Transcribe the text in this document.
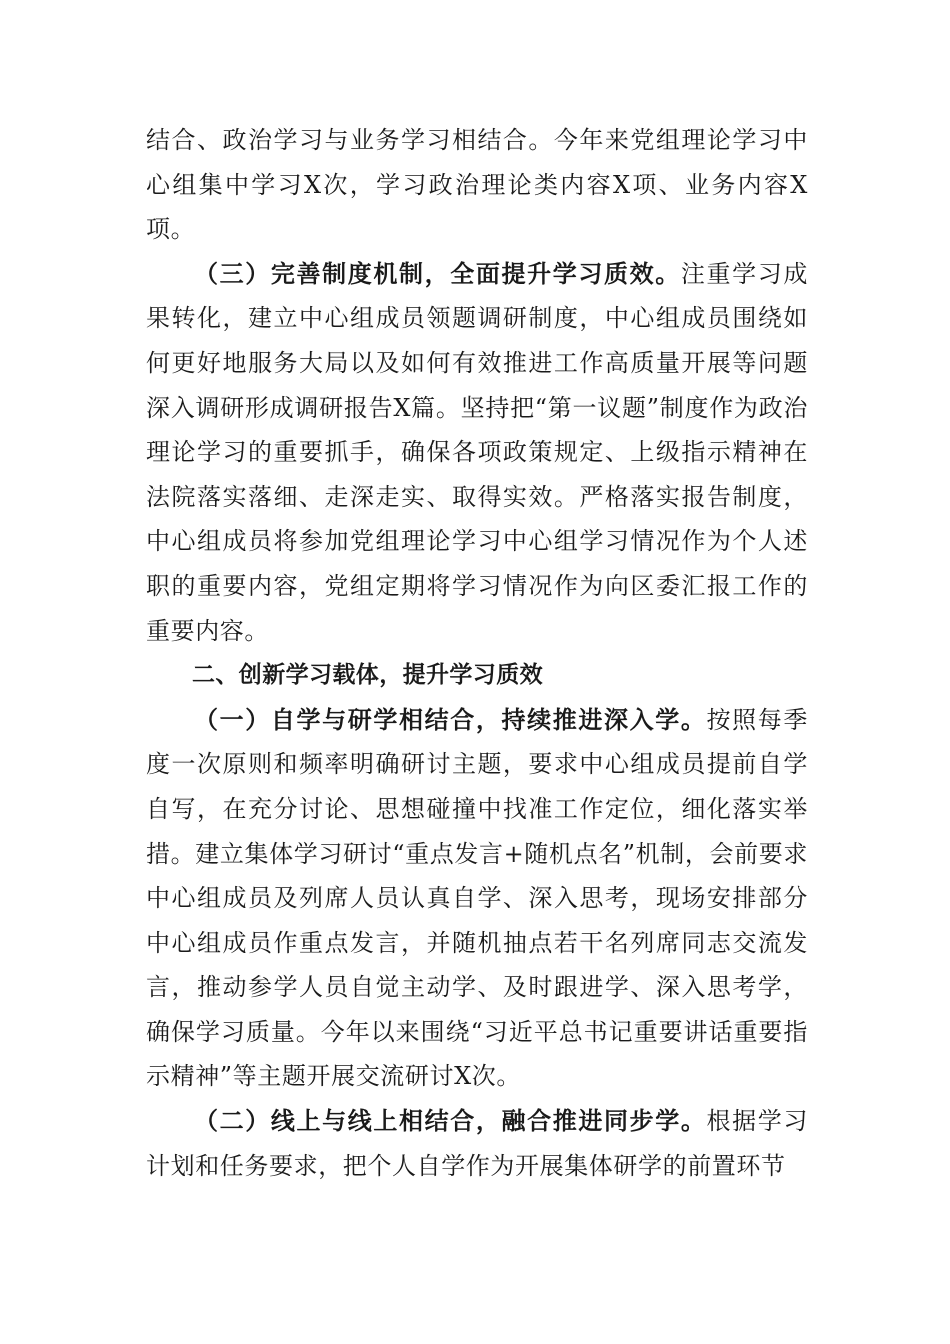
结合、政治学习与业务学习相结合。今年来党组理论学习中心组集中学习X次，学习政治理论类内容X项、业务内容X项。

（三）完善制度机制，全面提升学习质效。注重学习成果转化，建立中心组成员领题调研制度，中心组成员围绕如何更好地服务大局以及如何有效推进工作高质量开展等问题深入调研形成调研报告X篇。坚持把“第一议题”制度作为政治理论学习的重要抓手，确保各项政策规定、上级指示精神在法院落实落细、走深走实、取得实效。严格落实报告制度，中心组成员将参加党组理论学习中心组学习情况作为个人述职的重要内容，党组定期将学习情况作为向区委汇报工作的重要内容。

二、创新学习载体，提升学习质效

（一）自学与研学相结合，持续推进深入学。按照每季度一次原则和频率明确研讨主题，要求中心组成员提前自学自写，在充分讨论、思想碰撞中找准工作定位，细化落实举措。建立集体学习研讨“重点发言+随机点名”机制，会前要求中心组成员及列席人员认真自学、深入思考，现场安排部分中心组成员作重点发言，并随机抽点若干名列席同志交流发言，推动参学人员自觉主动学、及时跟进学、深入思考学，确保学习质量。今年以来围绕“习近平总书记重要讲话重要指示精神”等主题开展交流研讨X次。

（二）线上与线上相结合，融合推进同步学。根据学习计划和任务要求，把个人自学作为开展集体研学的前置环节
